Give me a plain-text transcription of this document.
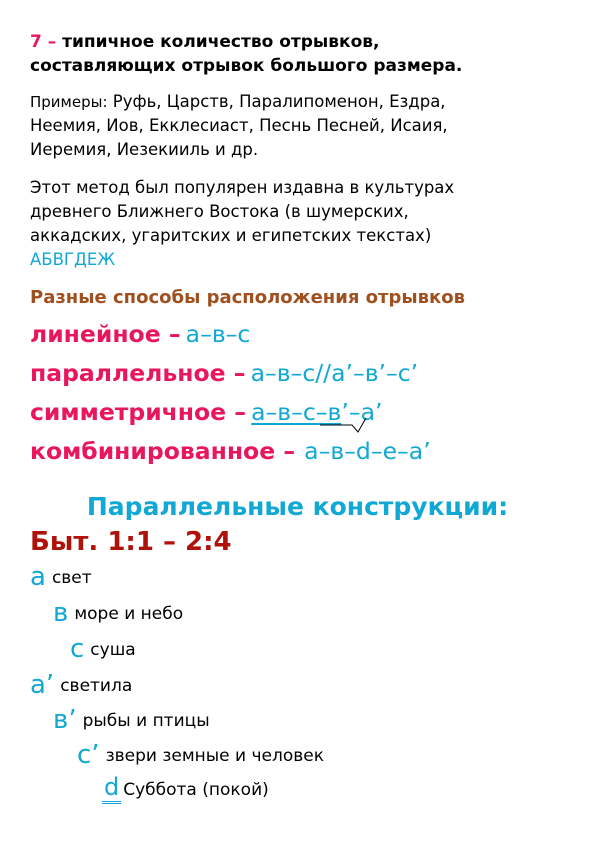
7 – типичное количество отрывков,
составляющих отрывок большого размера.
Примеры: Руфь, Царств, Паралипоменон, Ездра,
Неемия, Иов, Екклесиаст, Песнь Песней, Исаия,
Иеремия, Иезекииль и др.
Этот метод был популярен издавна в культурах
древнего Ближнего Востока (в шумерских,
аккадских, угаритских и египетских текстах)
АБВГДЕЖ
Разные способы расположения отрывков
линейное – а–в–с
параллельное – а–в–с//а’–в’–с’
симметричное – а–в–с–в’–а’
комбинированное – а–в–d–е–а’
Параллельные конструкции:
Быт. 1:1 – 2:4
асвет
вморе и небо
ссуша
а’ светила
в’ рыбы и птицы
с’ звери земные и человек
d Суббота (покой)
